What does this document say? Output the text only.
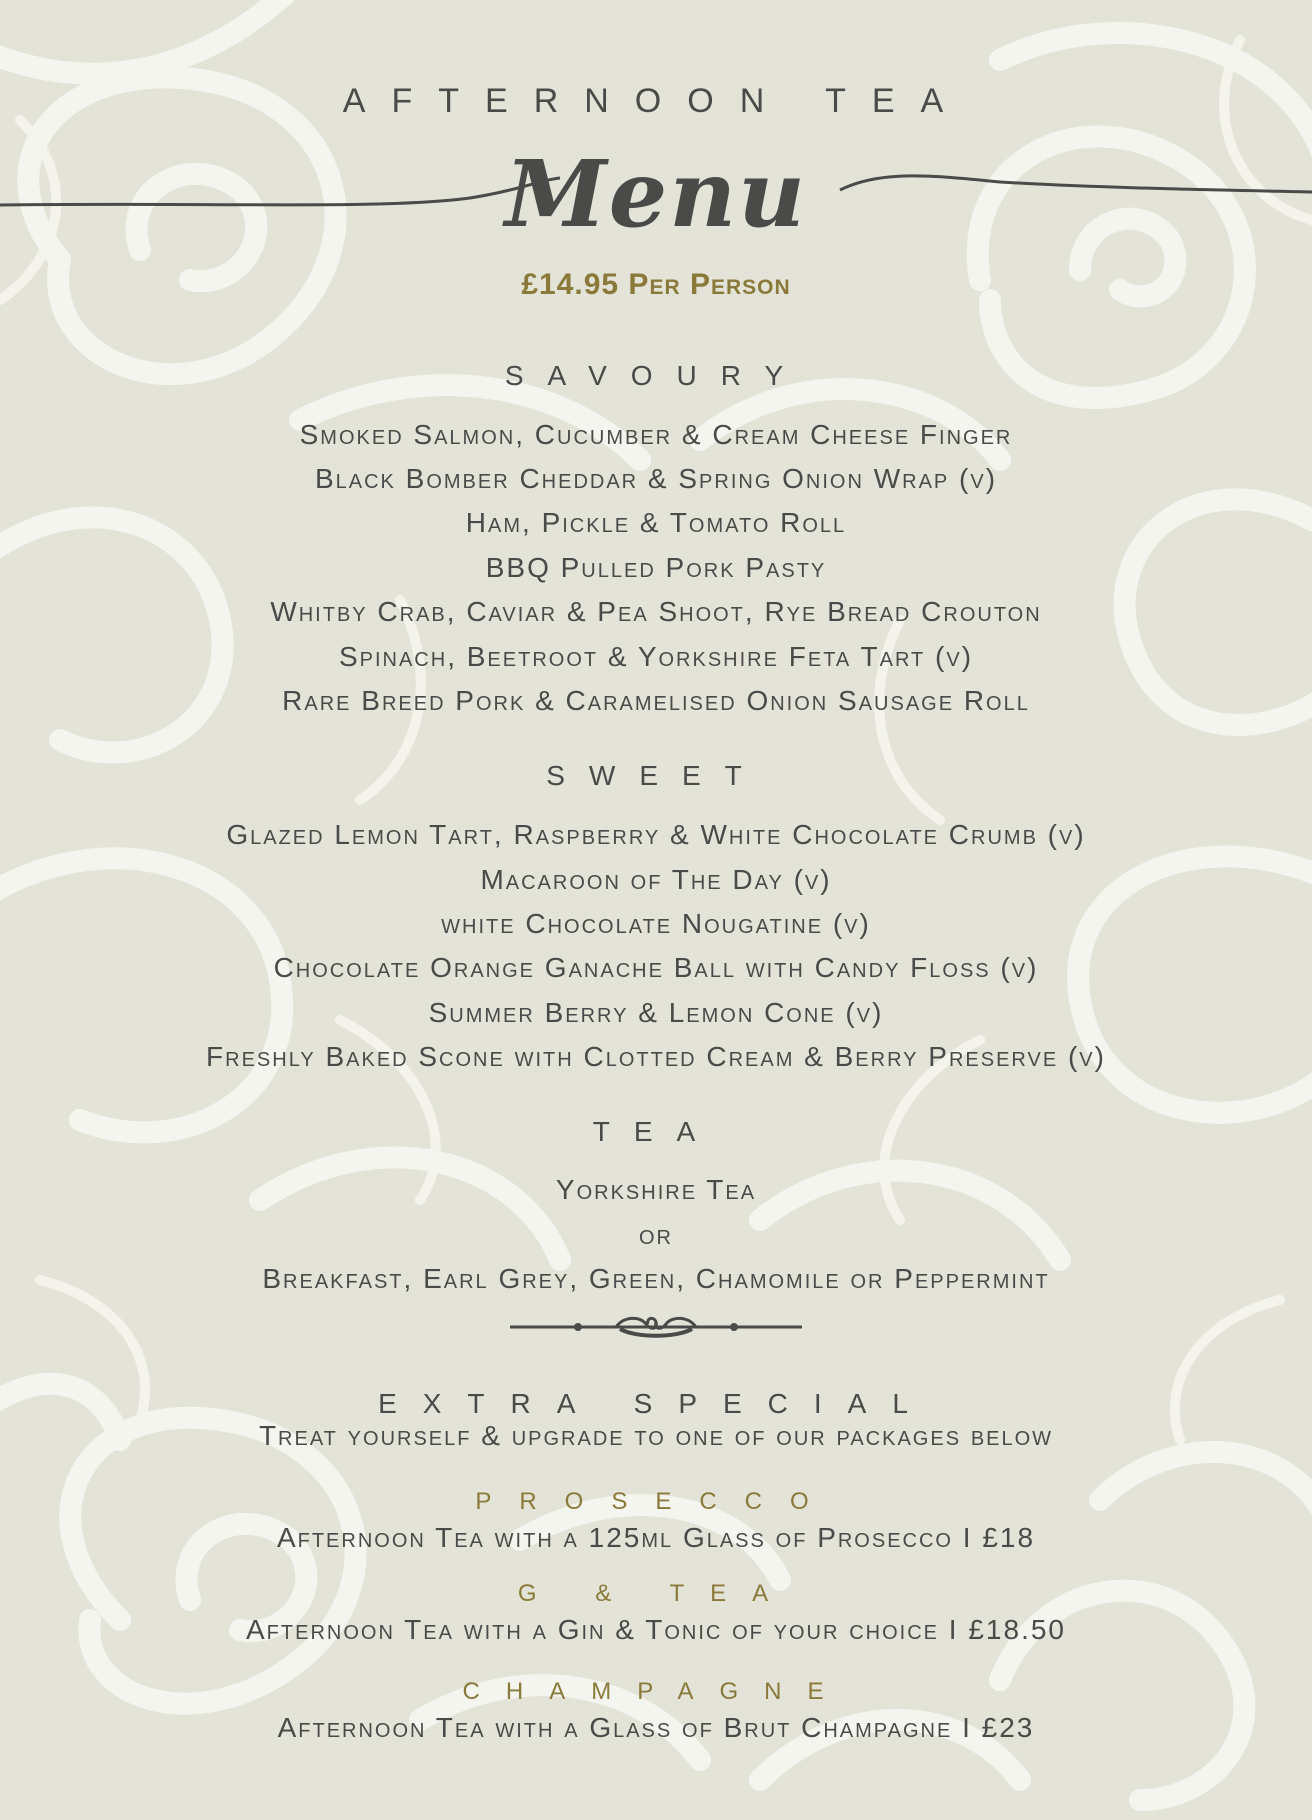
AFTERNOON TEA
Menu
£14.95 Per Person
SAVOURY
Smoked Salmon, Cucumber & Cream Cheese Finger
Black Bomber Cheddar & Spring Onion Wrap (v)
Ham, Pickle & Tomato Roll
BBQ Pulled Pork Pasty
Whitby Crab, Caviar & Pea Shoot, Rye Bread Crouton
Spinach, Beetroot & Yorkshire Feta Tart (v)
Rare Breed Pork & Caramelised Onion Sausage Roll
SWEET
Glazed Lemon Tart, Raspberry & White Chocolate Crumb (v)
Macaroon of The Day (v)
white Chocolate Nougatine (v)
Chocolate Orange Ganache Ball with Candy Floss (v)
Summer Berry & Lemon Cone (v)
Freshly Baked Scone with Clotted Cream & Berry Preserve (v)
TEA
Yorkshire Tea
or
Breakfast, Earl Grey, Green, Chamomile or Peppermint
EXTRA SPECIAL
Treat yourself & upgrade to one of our packages below
PROSECCO
Afternoon Tea with a 125ml Glass of Prosecco I £18
G & TEA
Afternoon Tea with a Gin & Tonic of your choice I £18.50
CHAMPAGNE
Afternoon Tea with a Glass of Brut Champagne I £23
